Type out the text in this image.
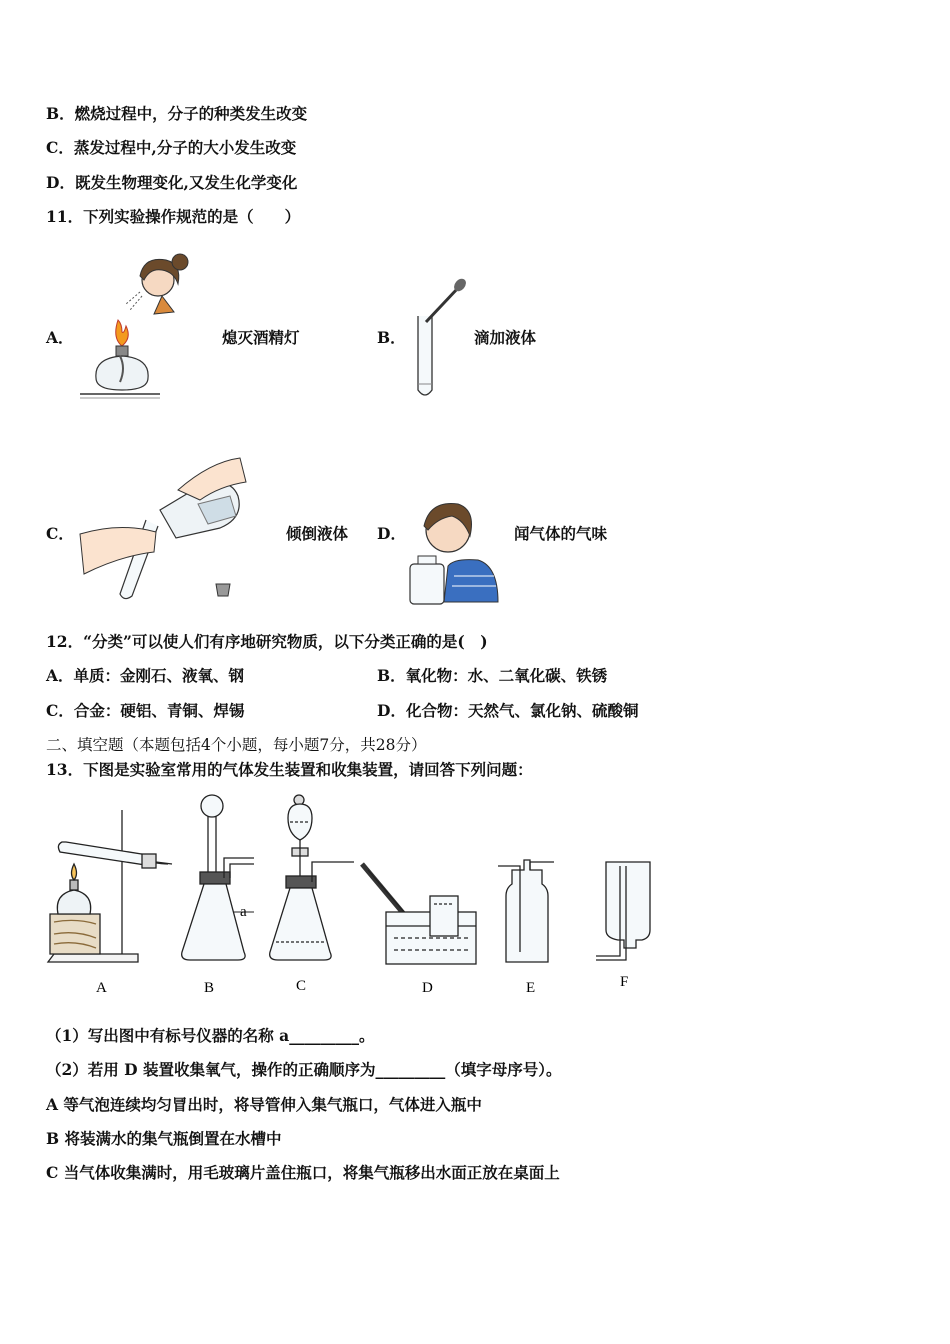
B．燃烧过程中，分子的种类发生改变
C．蒸发过程中,分子的大小发生改变
D．既发生物理变化,又发生化学变化
11．下列实验操作规范的是（　　）
A．	熄灭酒精灯	B．	滴加液体
C．	倾倒液体 D．	闻气体的气味
12．“分类”可以使人们有序地研究物质，以下分类正确的是(　)
A．单质：金刚石、液氧、钢	B．氧化物：水、二氧化碳、铁锈
C．合金：硬铝、青铜、焊锡	D．化合物：天然气、氯化钠、硫酸铜
二、填空题（本题包括4个小题，每小题7分，共28分）
13．下图是实验室常用的气体发生装置和收集装置，请回答下列问题：
a
A	B	C	D	E	F
（1）写出图中有标号仪器的名称 a_________。
（2）若用 D 装置收集氧气，操作的正确顺序为_________（填字母序号）。
A 等气泡连续均匀冒出时，将导管伸入集气瓶口，气体进入瓶中
B 将装满水的集气瓶倒置在水槽中
C 当气体收集满时，用毛玻璃片盖住瓶口，将集气瓶移出水面正放在桌面上
